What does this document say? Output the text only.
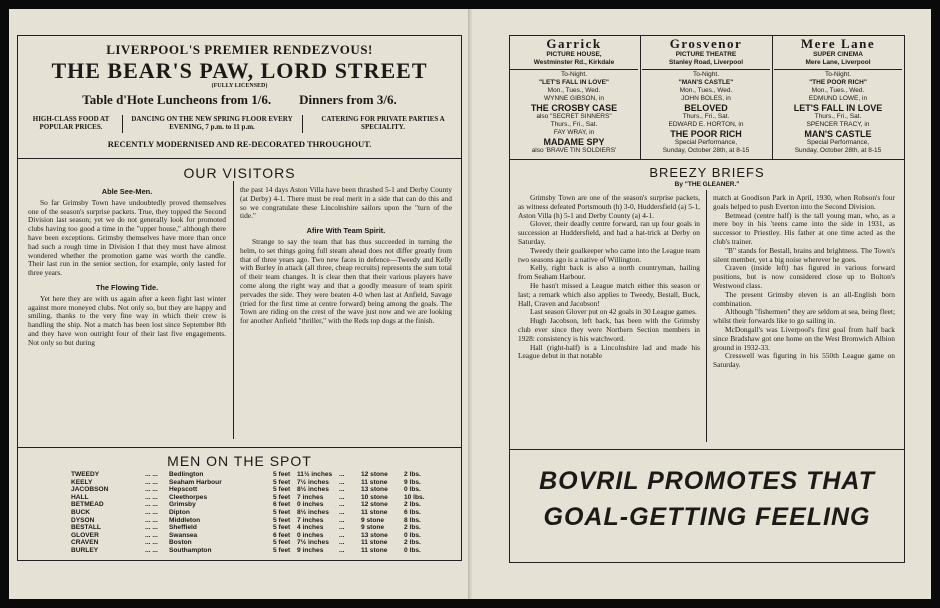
LIVERPOOL'S PREMIER RENDEZVOUS!
THE BEAR'S PAW, LORD STREET
(FULLY LICENSED)
Table d'Hote Luncheons from 1/6. Dinners from 3/6.
HIGH-CLASS FOOD AT POPULAR PRICES.
DANCING ON THE NEW SPRING FLOOR EVERY EVENING, 7 p.m. to 11 p.m.
CATERING FOR PRIVATE PARTIES A SPECIALITY.
RECENTLY MODERNISED AND RE-DECORATED THROUGHOUT.
OUR VISITORS
Able See-Men.

So far Grimsby Town have undoubtedly proved themselves one of the season's surprise packets. True, they topped the Second Division last season; yet we do not generally look for promoted clubs having too good a time in the "upper house," although there have been exceptions. Grimsby themselves have more than once had such a rough time in Division I that they must have almost wondered whether the promotion game was worth the candle. Their last run in the senior section, for example, only lasted for three years.

The Flowing Tide.

Yet here they are with us again after a keen fight last winter against more moneyed clubs. Not only so, but they are happy and smiling, thanks to the very fine way in which their crew is handling the ship. Not a match has been lost since September 8th and they have won outright four of their last five engagements. Not only so but during

the past 14 days Aston Villa have been thrashed 5-1 and Derby County (at Derby) 4-1. There must be real merit in a side that can do this and so we congratulate these Lincolnshire sailors upon the "turn of the tide."

Afire With Team Spirit.

Strange to say the team that has thus succeeded in turning the helm, to set things going full steam ahead does not differ greatly from that of three years ago. Two new faces in defence—Tweedy and Kelly with Burley in attack (all three, cheap recruits) represents the sum total of their team changes. It is clear then that their various players have come along the right way and that a goodly measure of team spirit pervades the side. They were beaten 4-0 when last at Anfield, Savage (tried for the first time at centre forward) being among the goals. The Town are riding on the crest of the wave just now and we are looking for another Anfield "thriller," with the Reds top dogs at the finish.

MEN ON THE SPOT
TWEEDY	... ... Bedlington	5 feet 11½ inches ...	12 stone 2 lbs.
KEELY	... ... Seaham Harbour	5 feet 7½ inches ...	11 stone	9 lbs.
JACOBSON	... ... Hepscott	5 feet 8½ inches ...	13 stone 0 lbs.
HALL	... ... Cleethorpes	5 feet 7 inches ...	10 stone 10 lbs.
BETMEAD	... ... Grimsby	6 feet 0 inches ...	12 stone 2 lbs.
BUCK	... ... Dipton	5 feet 8½ inches ...	11 stone	6 lbs.
DYSON	... ... Middleton	5 feet 7 inches ...	9 stone	8 lbs.
BESTALL	... ... Sheffield	5 feet 4 inches ...	9 stone	2 lbs.
GLOVER	... ... Swansea	6 feet 0 inches ...	13 stone 0 lbs.
CRAVEN	... ... Boston	5 feet 7½ inches ...	11 stone	2 lbs.
BURLEY	... ... Southampton	5 feet 9 inches ...	11 stone	0 lbs.
Garrick
PICTURE HOUSE,
Westminster Rd., Kirkdale
To-Night.
"LET'S FALL IN LOVE"
Mon., Tues., Wed.
WYNNE GIBSON, in
THE CROSBY CASE
also "SECRET SINNERS"
Thurs., Fri., Sat.
FAY WRAY, in
MADAME SPY
also 'BRAVE TIN SOLDIERS'
Grosvenor
PICTURE THEATRE
Stanley Road, Liverpool
To-Night.
"MAN'S CASTLE"
Mon., Tues., Wed.
JOHN BOLES, in
BELOVED
Thurs., Fri., Sat.
EDWARD E. HORTON, in
THE POOR RICH
Special Performance,
Sunday, October 28th, at 8-15
Mere Lane
SUPER CINEMA
Mere Lane, Liverpool
To-Night.
"THE POOR RICH"
Mon., Tues., Wed.
EDMUND LOWE, in
LET'S FALL IN LOVE
Thurs., Fri., Sat.
SPENCER TRACY, in
MAN'S CASTLE
Special Performance,
Sunday, October 28th, at 8-15
BREEZY BRIEFS
By "THE GLEANER."

Grimsby Town are one of the season's surprise packets, as witness defeated Portsmouth (h) 3-0, Huddersfield (a) 5-1, Aston Villa (h) 5-1 and Derby County (a) 4-1.

Glover, their deadly centre forward, ran up four goals in succession at Huddersfield, and had a hat-trick at Derby on Saturday.

Tweedy their goalkeeper who came into the League team two seasons ago is a native of Willington.

Kelly, right back is also a north countryman, hailing from Seaham Harbour.

He hasn't missed a League match either this season or last; a remark which also applies to Tweedy, Bestall, Buck, Hall, Craven and Jacobson!

Last season Glover put on 42 goals in 30 League games.

Hugh Jacobson, left back, has been with the Grimsby club ever since they were Northern Section members in 1928: consistency is his watchword.

Hall (right-half) is a Lincolnshire lad and made his League debut in that notable

match at Goodison Park in April, 1930, when Robson's four goals helped to push Everton into the Second Division.

Betmead (centre half) is the tall young man, who, as a mere boy in his 'teens came into the side in 1931, as successor to Priestley. His father at one time acted as the club's trainer.

"B" stands for Bestall, brains and brightness. The Town's silent member, yet a big noise wherever he goes.

Craven (inside left) has figured in various forward positions, but is now considered close up to Bolton's Westwood class.

The present Grimsby eleven is an all-English born combination.

Although "fishermen" they are seldom at sea, being fleet; whilst their forwards like to go sailing in.

McDongall's was Liverpool's first goal from half back since Bradshaw got one home on the West Bromwich Albion ground in 1932-33.

Cresswell was figuring in his 550th League game on Saturday.

BOVRIL PROMOTES THAT
GOAL-GETTING FEELING
